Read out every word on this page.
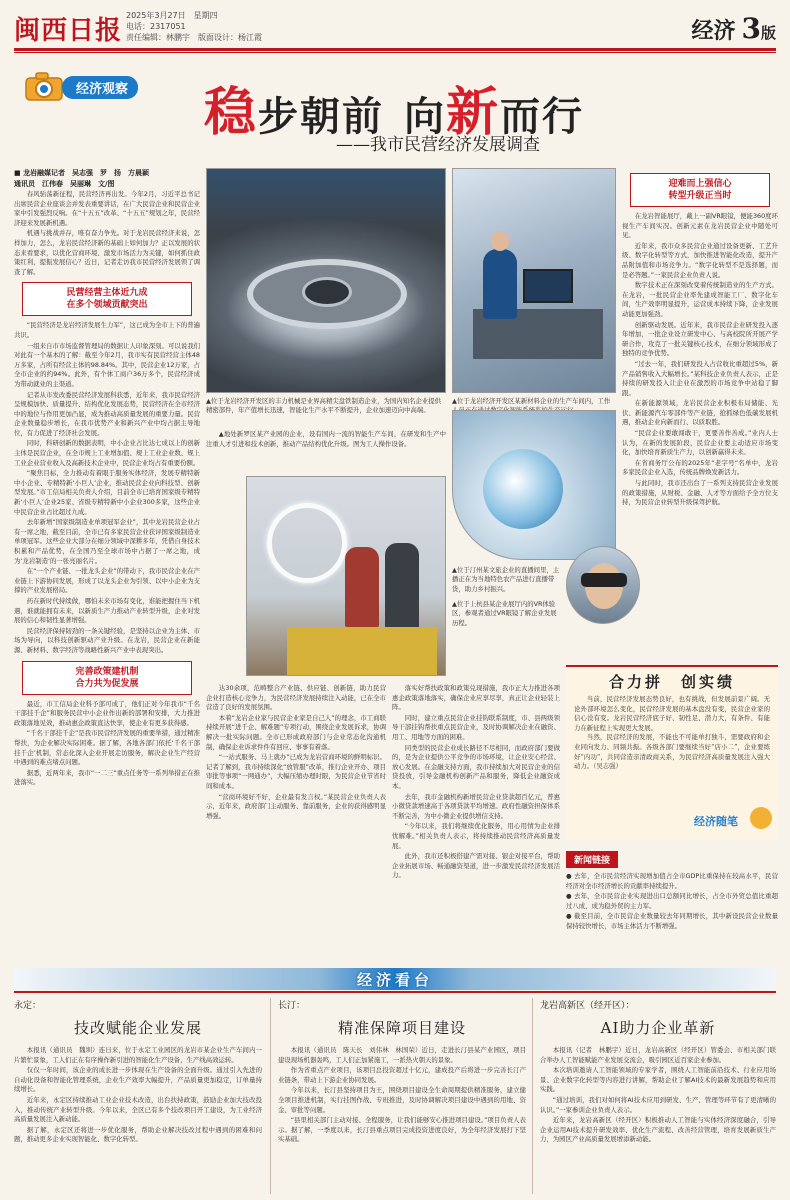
闽西日报
2025年3月27日　星期四
电话：2317051
责任编辑：林鹏宇　版面设计：杨江霞	经济 3版
经济观察 稳步朝前 向新而行
——我市民营经济发展调查

■ 龙岩融媒记者　吴志强　罗　扬　方晨颖

通讯员　江伟春　吴丽琳　文/图

春风骀荡新征程，民营经济再出发。今年2月，习近平总书记出席民营企业座谈会并发表重要讲话，在广大民营企业和民营企业家中引发强烈反响。在“十五五”改革、“十五五”规划之年，民营经济迎来发展新机遇。

机遇与挑战并存，唯有奋力争先。对于龙岩民营经济来说，怎样加力，怎么，龙岩民营经济新的基础上如何加力？正以发展的状态来看要求，以优化营商环境、激发市场活力为关键，如何抓住政策红利，提振发展信心？近日，记者走访我市民营经济发展领了调查了解。

民营经营主体近九成
在多个领域贡献突出

“民营经济是龙岩经济发展生力军”，这已成为全市上下的普遍共识。

一组来自市市场监督管理局的数据让人印象深刻。可以说我们对此有一个基本的了解：截至今年2月，我市实有民营经营主体48万多家，占所有经营主体的98.84%。其中，民营企业12万家，占全市企业的约94%。此外，有个体工商户36万多个，民营经济成为带动就业的主渠道。

记者从市发改委民营经济发展科获悉，近年来，我市民营经济呈规模加快、质量提升、结构优化发展态势，民营经济在全市经济中的地位与作用更加凸显，成为推动高质量发展的重要力量。民营企业数量稳步增长，在我市优势产业和新兴产业中均占据主导地位，有力促进了经济社会发展。

同时，科研创新的数据表明，中小企业占比达七成以上的创新主体是民营企业，在全市规上工业增加值、规上工业企业数、规上工业企业营业收入及高新技术企业中，民营企业均占有重要份额。

“聚焦目标，全力推动有着眼于服务实体经济，发展专精特新中小企业、专精特新‘小巨人’企业，推动民营企业向科技型、创新型发展。”市工信局相关负责人介绍，目前全市已培育国家级专精特新‘小巨人’企业25家、省级专精特新中小企业300多家，这些企业中民营企业占比超过九成。

去年新增“国家级制造业单项冠军企业”，其中龙岩民营企业占有一席之地，截至目前，全市已有多家民营企业获评国家级制造业单项冠军。这些企业大部分在细分领域中深耕多年，凭借自身技术积累和产品优势，在全国乃至全球市场中占据了一席之地，成为‘龙岩制造’的一张亮丽名片。

在“一个产业链、一批龙头企业”的带动下，我市民营企业在产业链上下游协同发展，形成了以龙头企业为引领、以中小企业为支撑的产业发展格局。

药在新时代持续做，哪怕未来市场有变化，谁能把握住当下机遇，谁就能拥有未来，以新质生产力推动产业转型升级，企业对发展的信心和韧性显著增强。

民营经济保持韧劲的一条关键经验，是坚持以企业为主体、市场为导向，以科技创新驱动产业升级。在龙岩，民营企业在新能源、新材料、数字经济等战略性新兴产业中表现突出。

完善政策建机制
合力共为促发展

最近，市工信局企业科予部可成了，他们正对今年我市“千名干部挂千企”和服务民营中小企业作出新的部署和安排，大力推进政策落地见效，推动惠企政策直达快享，使企业有更多获得感。

“千名干部挂千企”是我市民营经济发展的重要举措，通过精准帮扶，为企业解决实际困难。据了解，各地各部门依托‘千名干部挂千企’机制，常态化深入企业开展走访服务，解决企业生产经营中遇到的难点堵点问题。

据悉，近两年来，我市“一二三”重点任务等一系列举措正在推进落实。

▲位于龙岩经济开发区的丰力机械是业界高精尖盘铁制造企业，为国内知名企业提供精密部件，年产值增长迅速，智能化生产水平不断提升，企业加速迈向中高端。
▲位于龙岩经济开发区某新材料企业的生产车间内，工作

▲地处新罗区某产业园的企业，设有国内一流的智能生产车间，在研发和生产中注重人才引进和技术创新，推动产品结构优化升级。图为工人操作设备。

▲位于汀州某文旅企业的直播间里，主播正在为当地特色农产品进行直播带货，助力乡村振兴。
▲位于上杭县某企业展厅内的VR体验区，参观者通过VR眼镜了解企业发展历程。

达30余项，范畴整合产业链、供应链、创新链，助力民营企业打造核心竞争力，为民营经济发展持续注入动能，已在全市营造了良好的发展氛围。

本着“龙岩企业家与民营企业家是自己人”的理念，市工商联持续开展“进千企、解难题”专项行动，围绕企业发展诉求，协调解决一批实际问题。全市已形成政府部门与企业常态化沟通机制，确保企业诉求件件有回应、事事有着落。

“一站式服务、马上就办”已成为龙岩营商环境的鲜明标识。记者了解到，我市持续深化“放管服”改革，推行企业开办、项目审批等事项“一网通办”，大幅压缩办理时限，为民营企业节省时间和成本。

“营商环境好不好，企业最有发言权。”某民营企业负责人表示，近年来，政府部门主动服务、靠前服务，企业的获得感明显增强。

落实好帮扶政策和政策兑现措施，我市正大力推进各项惠企政策落地落实，确保企业应享尽享，真正让企业轻装上阵。

同时，建立重点民营企业挂钩联系制度，市、县两级领导干部挂钩帮扶重点民营企业，及时协调解决企业在融资、用工、用地等方面的困难。

同类型的民营企业成长路径不尽相同，而政府部门要做的，是为企业提供公平竞争的市场环境，让企业安心经营、放心发展。在金融支持方面，我市持续加大对民营企业的信贷投放，引导金融机构创新产品和服务，降低企业融资成本。

去年，我市金融机构新增民营企业贷款超百亿元，普惠小微贷款增速高于各项贷款平均增速。政府性融资担保体系不断完善，为中小微企业提供增信支持。

“今年以来，我们将继续优化服务，用心用情为企业排忧解难。”相关负责人表示，将持续推动民营经济高质量发展。

此外，我市还积极搭建产需对接、银企对接平台，帮助企业拓展市场、畅通融资渠道，进一步激发民营经济发展活力。

迎难而上强信心
转型升级正当时

在龙岩智能展厅，戴上一副VR眼镜，便能360度环视生产车间实况。创新元素在龙岩民营企业中随处可见。

近年来，我市众多民营企业通过设备更新、工艺升级、数字化转型等方式，加快推进智能化改造，提升产品附加值和市场竞争力。“数字化转型不是选择题，而是必答题。”一家民营企业负责人说。

数字技术正在深刻改变着传统制造业的生产方式。在龙岩，一批民营企业率先建成智能工厂、数字化车间，生产效率明显提升，运营成本持续下降，企业发展动能更加强劲。

创新驱动发展。近年来，我市民营企业研发投入逐年增加，一批企业设立研发中心、与高校院所开展产学研合作，攻克了一批关键核心技术，在细分领域形成了独特的竞争优势。

“过去一年，我们研发投入占营收比重超过5%，新产品销售收入大幅增长。”某科技企业负责人表示，正是持续的研发投入让企业在激烈的市场竞争中站稳了脚跟。

在新能源领域，龙岩民营企业积极布局储能、光伏、新能源汽车零部件等产业链，抢抓绿色低碳发展机遇，推动企业向新而行、以质取胜。

“民营企业要敢闯敢干，更要善作善成。”业内人士认为，在新的发展阶段，民营企业要主动适应市场变化，加快培育新质生产力，以创新赢得未来。

在省商务厅公布的2025年“老字号”名单中，龙岩多家民营企业入选，传统品牌焕发新活力。

与此同时，我市还出台了一系列支持民营企业发展的政策措施，从财税、金融、人才等方面给予全方位支持，为民营企业转型升级保驾护航。

合力拼　创实绩

当前，民营经济发展态势良好，也有挑战，但发展前景广阔。无论外部环境怎么变化，民营经济发展的基本盘没有变，民营企业家的信心没有变。龙岩民营经济底子好、韧性足、潜力大，有条件、有能力在新征程上实现更大发展。

当然，民营经济的发展，不能也不可能单打独斗，需要政府和企业同向发力、同频共振。各级各部门要继续当好“店小二”，企业要练好“内功”，共同营造亲清政商关系，为民营经济高质量发展注入强大动力。（吴志强）

经济随笔
新闻链接

● 去年，全市民营经济实现增加值占全市GDP比重保持在较高水平，民营经济对全市经济增长的贡献率持续提升。

● 去年，全市民营企业实现进出口总额同比增长，占全市外贸总值比重超过八成，成为稳外贸的主力军。

● 截至目前，全市民营企业数量较去年同期增长，其中新设民营企业数量保持较快增长，市场主体活力不断增强。

经济看台
永定：
技改赋能企业发展

本报讯（通讯员　魏圳）连日来，位于永定工业园区的龙岩市某企业生产车间内一片繁忙景象，工人们正在有序操作新引进的智能化生产设备，生产线高效运转。

仅仅一年时间，该企业的成长进一步体现在生产设备的全面升级。通过引入先进的自动化设备和智能化管理系统，企业生产效率大幅提升，产品质量更加稳定，订单量持续增长。

近年来，永定区持续推动工业企业技术改造，出台扶持政策，鼓励企业加大技改投入，推动传统产业转型升级。今年以来，全区已有多个技改项目开工建设，为工业经济高质量发展注入新动能。

据了解，永定区还将进一步优化服务，帮助企业解决技改过程中遇到的困难和问题，推动更多企业实现智能化、数字化转型。

长汀：
精准保障项目建设

本报讯（通讯员　陈天长　刘伟林　林国荣）近日，走进长汀县某产业园区，项目建设现场机器轰鸣，工人们正加紧施工，一派热火朝天的景象。

作为省重点产业项目，该项目总投资超过十亿元，建成投产后将进一步完善长汀产业链条，带动上下游企业协同发展。

今年以来，长汀县坚持项目为王，围绕项目建设全生命周期提供精准服务，建立健全项目推进机制，实行挂图作战、专班推进，及时协调解决项目建设中遇到的用地、资金、审批等问题。

“县里相关部门主动对接、全程服务，让我们能够安心推进项目建设。”项目负责人表示。据了解，一季度以来，长汀县重点项目完成投资进度良好，为全年经济发展打下坚实基础。

龙岩高新区（经开区）：
AI助力企业革新

本报讯（记者　林鹏宇）近日，龙岩高新区（经开区）管委会、市相关部门联合举办人工智能赋能产业发展交流会，吸引园区近百家企业参加。

本次培训邀请人工智能领域的专家学者，围绕人工智能前沿技术、行业应用场景、企业数字化转型等内容进行讲解，帮助企业了解AI技术的最新发展趋势和应用实践。

“通过培训，我们对如何将AI技术应用到研发、生产、管理等环节有了更清晰的认识。”一家参训企业负责人表示。

近年来，龙岩高新区（经开区）积极推动人工智能与实体经济深度融合，引导企业运用AI技术提升研发效率、优化生产流程、改善经营管理，培育发展新质生产力，为园区产业高质量发展增添新动能。
